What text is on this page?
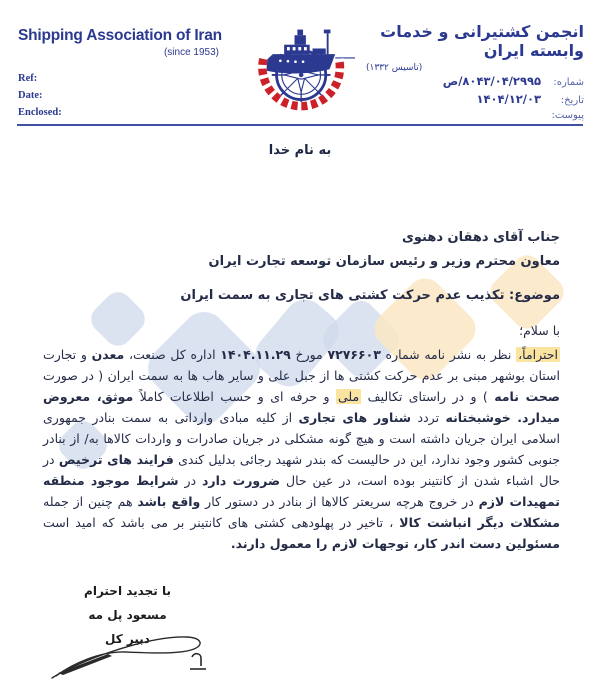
Shipping Association of Iran
(since 1953)
Ref:
Date:
Enclosed:
انجمن کشتیرانی و خدمات وابسته ایران
(تاسیس ۱۳۳۲)
شماره:
۸۰۴۳/۰۴/۲۹۹۵/ص
تاریخ:
۱۴۰۴/۱۲/۰۳
پیوست:
به نام خدا
جناب آقای دهقان دهنوی
معاون محترم وزیر و رئیس سازمان توسعه تجارت ایران
موضوع: تکذیب عدم حرکت کشتی های تجاری به سمت ایران
با سلام؛
احتراماً، نظر به نشر نامه شماره ۷۲۷۶۶۰۳ مورخ ۱۴۰۴.۱۱.۲۹ اداره کل صنعت، معدن و تجارت استان بوشهر مبنی بر عدم حرکت کشتی ها از جبل علی و سایر هاب ها به سمت ایران ( در صورت صحت نامه ) و در راستای تکالیف ملی و حرفه ای و حسب اطلاعات کاملاً موثق، معروض میدارد. خوشبختانه تردد شناور های تجاری از کلیه مبادی وارداتی به سمت بنادر جمهوری اسلامی ایران جریان داشته است و هیچ گونه مشکلی در جریان صادرات و واردات کالاها به/ از بنادر جنوبی کشور وجود ندارد، این در حالیست که بندر شهید رجائی بدلیل کندی فرایند های ترخیص در حال اشباء شدن از کانتینر بوده است، در عین حال ضرورت دارد در شرایط موجود منطقه تمهیدات لازم در خروج هرچه سریعتر کالاها از بنادر در دستور کار واقع باشد هم چنین از جمله مشکلات دیگر انباشت کالا ، تاخیر در پهلودهی کشتی های کانتینر بر می باشد که امید است مسئولین دست اندر کار، توجهات لازم را معمول دارند.
با تجدید احترام
مسعود پل مه
دبیر کل
